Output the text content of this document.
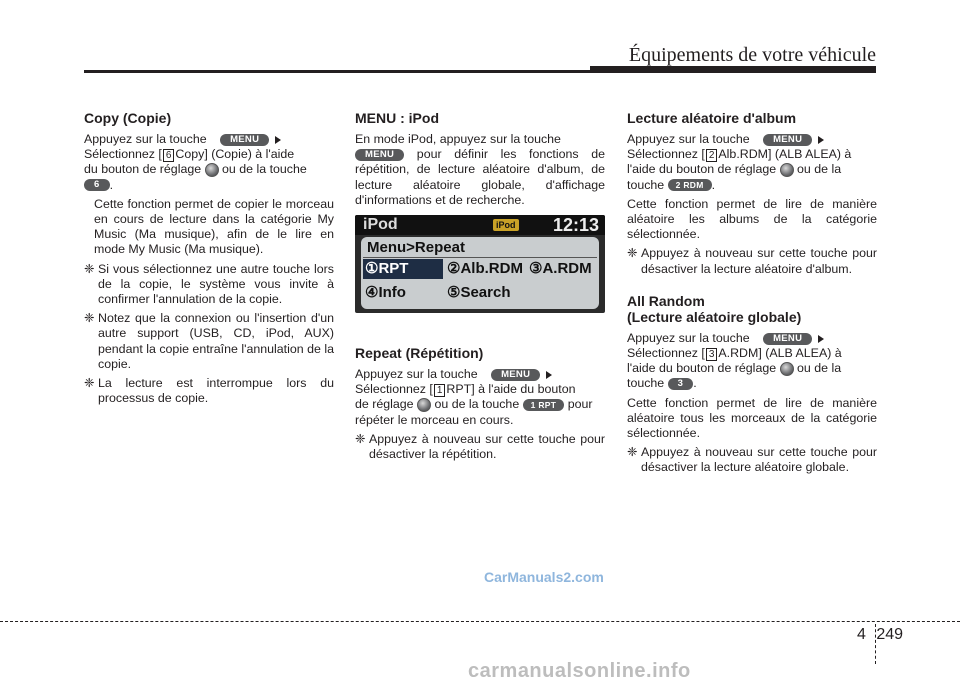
Équipements de votre véhicule
Copy (Copie)

Appuyez sur la touche MENU
Sélectionnez [ 6 Copy] (Copie) à l'aide
du bouton de réglage ou de la touche
6 .

Cette fonction permet de copier le morceau en cours de lecture dans la catégorie My Music (Ma musique), afin de le lire en mode My Music (Ma musique).

❈ Si vous sélectionnez une autre touche lors de la copie, le système vous invite à confirmer l'annulation de la copie.

❈ Notez que la connexion ou l'insertion d'un autre support (USB, CD, iPod, AUX) pendant la copie entraîne l'annulation de la copie.

❈ La lecture est interrompue lors du processus de copie.

MENU : iPod

En mode iPod, appuyez sur la touche
MENU pour définir les fonctions de répétition, de lecture aléatoire d'album, de lecture aléatoire globale, d'affichage d'informations et de recherche.

iPod	iPod 12:13
Menu>Repeat
①RPT	②Alb.RDM ③A.RDM
④Info	⑤Search
Repeat (Répétition)

Appuyez sur la touche MENU
Sélectionnez [ 1 RPT] à l'aide du bouton
de réglage ou de la touche 1 RPT pour
répéter le morceau en cours.

❈ Appuyez à nouveau sur cette touche pour désactiver la répétition.

Lecture aléatoire d'album

Appuyez sur la touche MENU
Sélectionnez [ 2 Alb.RDM] (ALB ALEA) à
l'aide du bouton de réglage ou de la
touche 2 RDM .

Cette fonction permet de lire de manière aléatoire les albums de la catégorie sélectionnée.

❈ Appuyez à nouveau sur cette touche pour désactiver la lecture aléatoire d'album.

All Random
(Lecture aléatoire globale)

Appuyez sur la touche MENU
Sélectionnez [ 3 A.RDM] (ALB ALEA) à
l'aide du bouton de réglage ou de la
touche 3 .

Cette fonction permet de lire de manière aléatoire tous les morceaux de la catégorie sélectionnée.

❈ Appuyez à nouveau sur cette touche pour désactiver la lecture aléatoire globale.

CarManuals2.com
4 249
carmanualsonline.info
